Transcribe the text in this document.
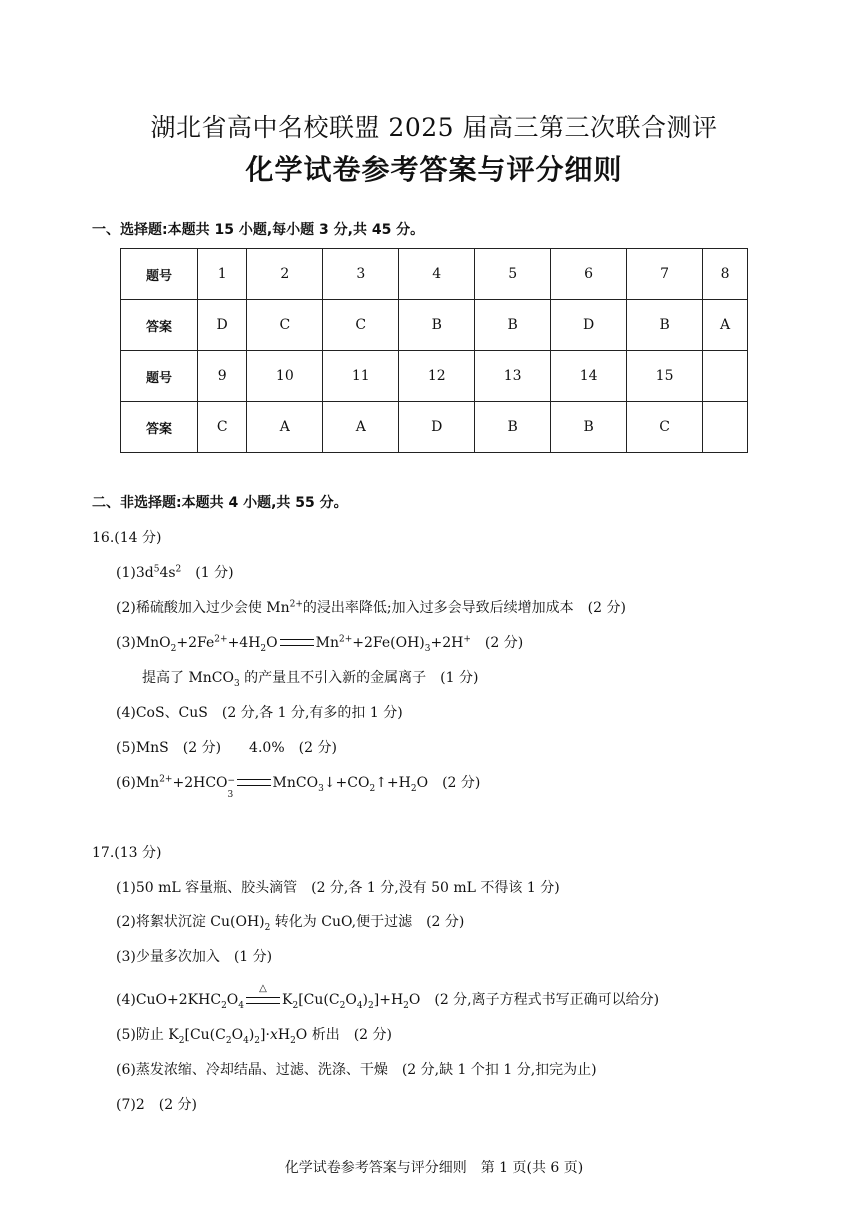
湖北省高中名校联盟 2025 届高三第三次联合测评
化学试卷参考答案与评分细则
一、选择题:本题共 15 小题,每小题 3 分,共 45 分。
题号	1	2	3	4	5	6	7	8
答案	D	C	C	B	B	D	B	A
题号	9	10	11	12	13	14	15	
答案	C	A	A	D	B	B	C	
二、非选择题:本题共 4 小题,共 55 分。
16.(14 分)
$(1)3d^54s^2$　(1 分)
(2)稀硫酸加入过少会使 $Mn^{2+}$的浸出率降低;加入过多会导致后续增加成本　(2 分)
$(3)MnO_2+2Fe^{2+}+4H_2O$	$Mn^{2+}+2Fe(OH)_3+2H^+$　(2 分)
提高了 MnCO$_3$ 的产量且不引入新的金属离子　(1 分)
(4)CoS、CuS　(2 分,各 1 分,有多的扣 1 分)
(5)MnS　(2 分)　　4.0%　(2 分)
$(6)Mn^{2+}+2HCO$ −
3
$MnCO_3↓+CO_2↑+H_2O$　(2 分)
17.(13 分)
(1)50 mL 容量瓶、胶头滴管　(2 分,各 1 分,没有 50 mL 不得该 1 分)
(2)将絮状沉淀 $Cu(OH)_2$ 转化为 CuO,便于过滤　(2 分)
(3)少量多次加入　(1 分)
$(4)CuO+2KHC_2O_4$
△
$K_2[Cu(C_2O_4)_2]+H_2O$　(2 分,离子方程式书写正确可以给分)
(5)防止 $K_2[Cu(C_2O_4)_2]\cdot xH_2O$ 析出　(2 分)
(6)蒸发浓缩、冷却结晶、过滤、洗涤、干燥　(2 分,缺 1 个扣 1 分,扣完为止)
(7)2　(2 分)
化学试卷参考答案与评分细则　第 1 页(共 6 页)
